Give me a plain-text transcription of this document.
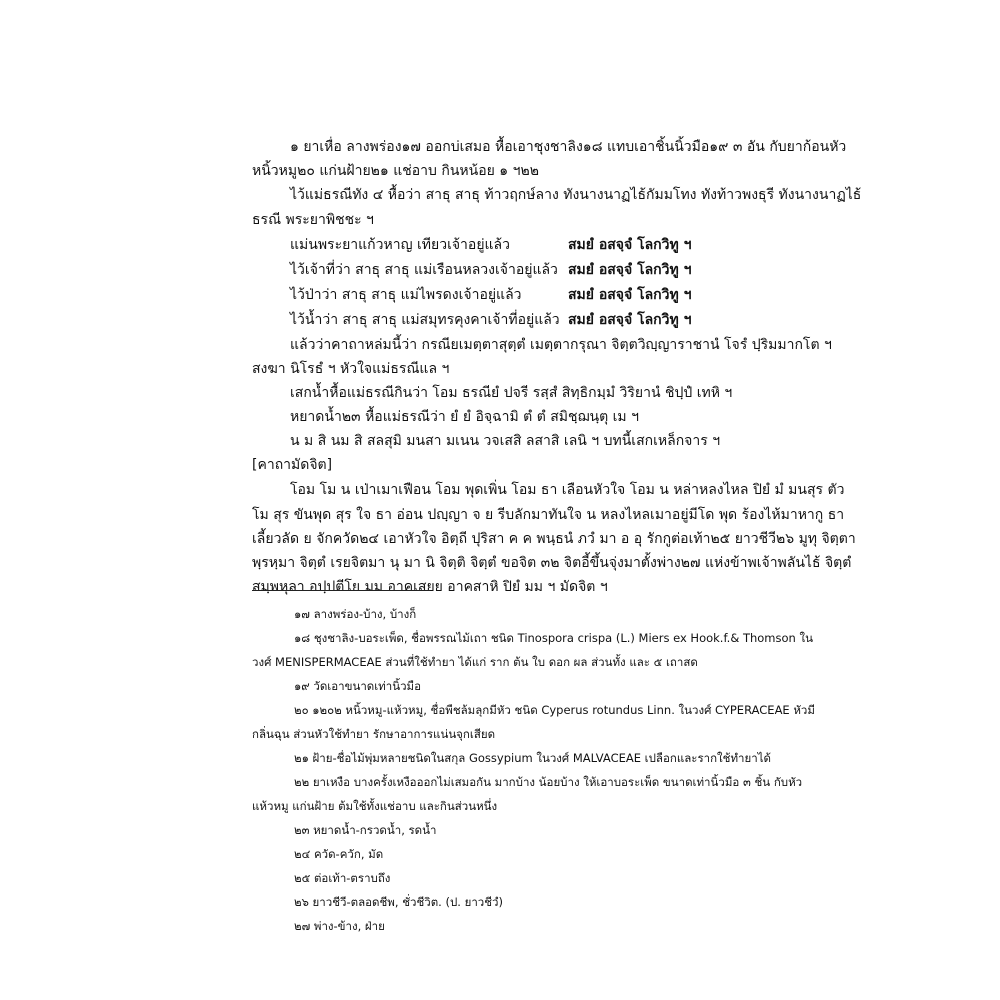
๑ ยาเหื่อ ลางพร่อง๑๗ ออกบ่เสมอ หื้อเอาชุงชาลิง๑๘ แทบเอาชิ้นนิ้วมือ๑๙ ๓ อัน กับยาก้อนหัว
หนิ้วหมู๒๐ แก่นฝ้าย๒๑ แช่อาบ กินหน้อย ๑ ฯ๒๒
ไว้แม่ธรณีทัง ๔ หื้อว่า สาธุ สาธุ ท้าวฤกษ์ลาง ทังนางนาฏไธ้กัมมโทง ทังท้าวพงธุรี ทังนางนาฏไธ้
ธรณี พระยาพิชชะ ฯ
แม่นพระยาแก้วหาญ เทียวเจ้าอยู่แล้ว
ไว้เจ้าที่ว่า สาธุ สาธุ แม่เรือนหลวงเจ้าอยู่แล้ว
ไว้ป่าว่า สาธุ สาธุ แม่ไพรดงเจ้าอยู่แล้ว
ไว้น้ำว่า สาธุ สาธุ แม่สมุทรคุงคาเจ้าที่อยู่แล้ว
แล้วว่าคาถาหล่มนี้ว่า กรณียเมตฺตาสุตฺตํ เมตฺตากรุณา จิตฺตวิญฺญาราชานํ โจรํ ปฺริมมากโต ฯ
สงฆา นิโรธํ ฯ หัวใจแม่ธรณีแล ฯ
เสกน้ำหื้อแม่ธรณีกินว่า โอม ธรณียํ ปจรี รสฺสํ สิทฺธิกมฺมํ วิริยานํ ชิปฺปํ เทหิ ฯ
หยาดน้ำ๒๓ หื้อแม่ธรณีว่า ยํ ยํ อิจฺฉามิ ตํ ตํ สมิชฺฌนฺตุ เม ฯ
น ม สิ นม สิ สลสุมิ มนสา มเนน วจเสสิ ลสาสิ เลนิ ฯ บทนี้เสกเหล็กจาร ฯ
[คาถามัดจิต]
โอม โม น เป่าเมาเฟือน โอม พุดเพิ่น โอม ธา เลือนหัวใจ โอม น หล่าหลงไหล ปิยํ มํ มนสุร ตัว
โม สุร ขันพุด สุร ใจ ธา อ่อน ปญฺญา จ ย รีบลักมาทันใจ น หลงไหลเมาอยู่มีโด พุด ร้องไห้มาหากู ธา
เลี้ยวลัด ย จักควัด๒๔ เอาหัวใจ อิตฺถี ปุริสา ค ค พนฺธนํ ภวํ มา อ อุ รักกูต่อเท้า๒๕ ยาวชีวี๒๖ มูทุ จิตฺตา
พฺรหฺมา จิตฺตํ เรยจิตมา นุ มา นิ จิตฺติ จิตฺตํ ขอจิต ๓๒ จิตอี้ขึ้นจุ่งมาตั้งพ่าง๒๗ แห่งข้าพเจ้าพลันไธ้ จิตฺตํ
สมฺพหุลา อปฺปตีโย มม อาคเสยย อาคสาหิ ปิยํ มม ฯ มัดจิต ฯ
สมยํ อสจฺจํ โลกวิทู ฯ
สมยํ อสจฺจํ โลกวิทู ฯ
สมยํ อสจฺจํ โลกวิทู ฯ
สมยํ อสจฺจํ โลกวิทู ฯ
๑๗ ลางพร่อง-บ้าง, บ้างก็
๑๘ ชุงชาลิง-บอระเพ็ด, ชื่อพรรณไม้เถา ชนิด Tinospora crispa (L.) Miers ex Hook.f.& Thomson ใน
วงศ์ MENISPERMACEAE ส่วนที่ใช้ทำยา ได้แก่ ราก ต้น ใบ ดอก ผล ส่วนทั้ง และ ๕ เถาสด
๑๙ วัดเอาขนาดเท่านิ้วมือ
๒๐ ๑๒๐๒ หนิ้วหมู-แห้วหมู, ชื่อพืชล้มลุกมีหัว ชนิด Cyperus rotundus Linn. ในวงศ์ CYPERACEAE หัวมี
กลิ่นฉุน ส่วนหัวใช้ทำยา รักษาอาการแน่นจุกเสียด
๒๑ ฝ้าย-ชื่อไม้พุ่มหลายชนิดในสกุล Gossypium ในวงศ์ MALVACEAE เปลือกและรากใช้ทำยาได้
๒๒ ยาเหงือ บางครั้งเหงือออกไม่เสมอกัน มากบ้าง น้อยบ้าง ให้เอาบอระเพ็ด ขนาดเท่านิ้วมือ ๓ ชิ้น กับหัว
แห้วหมู แก่นฝ้าย ต้มใช้ทั้งแช่อาบ และกินส่วนหนึ่ง
๒๓ หยาดน้ำ-กรวดน้ำ, รดน้ำ
๒๔ ควัด-ควัก, มัด
๒๕ ต่อเท้า-ตราบถึง
๒๖ ยาวชีวี-ตลอดชีพ, ชั่วชีวิต. (ป. ยาวชีวํ)
๒๗ พ่าง-ข้าง, ฝ่าย
